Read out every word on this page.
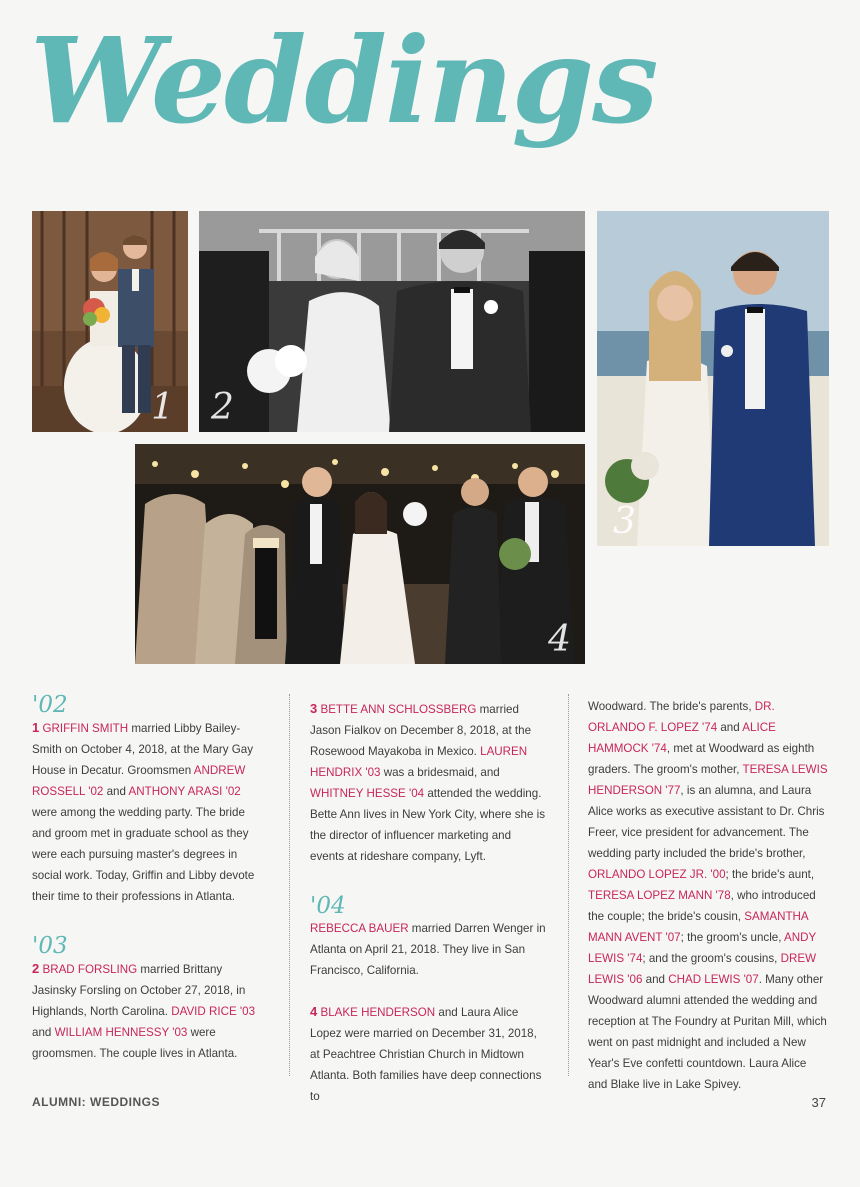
Weddings
1 2
3
4

'02

1 GRIFFIN SMITH married Libby Bailey-Smith on October 4, 2018, at the Mary Gay House in Decatur. Groomsmen ANDREW ROSSELL '02 and ANTHONY ARASI '02 were among the wedding party. The bride and groom met in graduate school as they were each pursuing master's degrees in social work. Today, Griffin and Libby devote their time to their professions in Atlanta.

'03

2 BRAD FORSLING married Brittany Jasinsky Forsling on October 27, 2018, in Highlands, North Carolina. DAVID RICE '03 and WILLIAM HENNESSY '03 were groomsmen. The couple lives in Atlanta.

3 BETTE ANN SCHLOSSBERG married Jason Fialkov on December 8, 2018, at the Rosewood Mayakoba in Mexico. LAUREN HENDRIX '03 was a bridesmaid, and WHITNEY HESSE '04 attended the wedding. Bette Ann lives in New York City, where she is the director of influencer marketing and events at rideshare company, Lyft.

'04

REBECCA BAUER married Darren Wenger in Atlanta on April 21, 2018. They live in San Francisco, California.

4 BLAKE HENDERSON and Laura Alice Lopez were married on December 31, 2018, at Peachtree Christian Church in Midtown Atlanta. Both families have deep connections to

Woodward. The bride's parents, DR. ORLANDO F. LOPEZ '74 and ALICE HAMMOCK '74, met at Woodward as eighth graders. The groom's mother, TERESA LEWIS HENDERSON '77, is an alumna, and Laura Alice works as executive assistant to Dr. Chris Freer, vice president for advancement. The wedding party included the bride's brother, ORLANDO LOPEZ JR. '00; the bride's aunt, TERESA LOPEZ MANN '78, who introduced the couple; the bride's cousin, SAMANTHA MANN AVENT '07; the groom's uncle, ANDY LEWIS '74; and the groom's cousins, DREW LEWIS '06 and CHAD LEWIS '07. Many other Woodward alumni attended the wedding and reception at The Foundry at Puritan Mill, which went on past midnight and included a New Year's Eve confetti countdown. Laura Alice and Blake live in Lake Spivey.

ALUMNI: WEDDINGS	37
